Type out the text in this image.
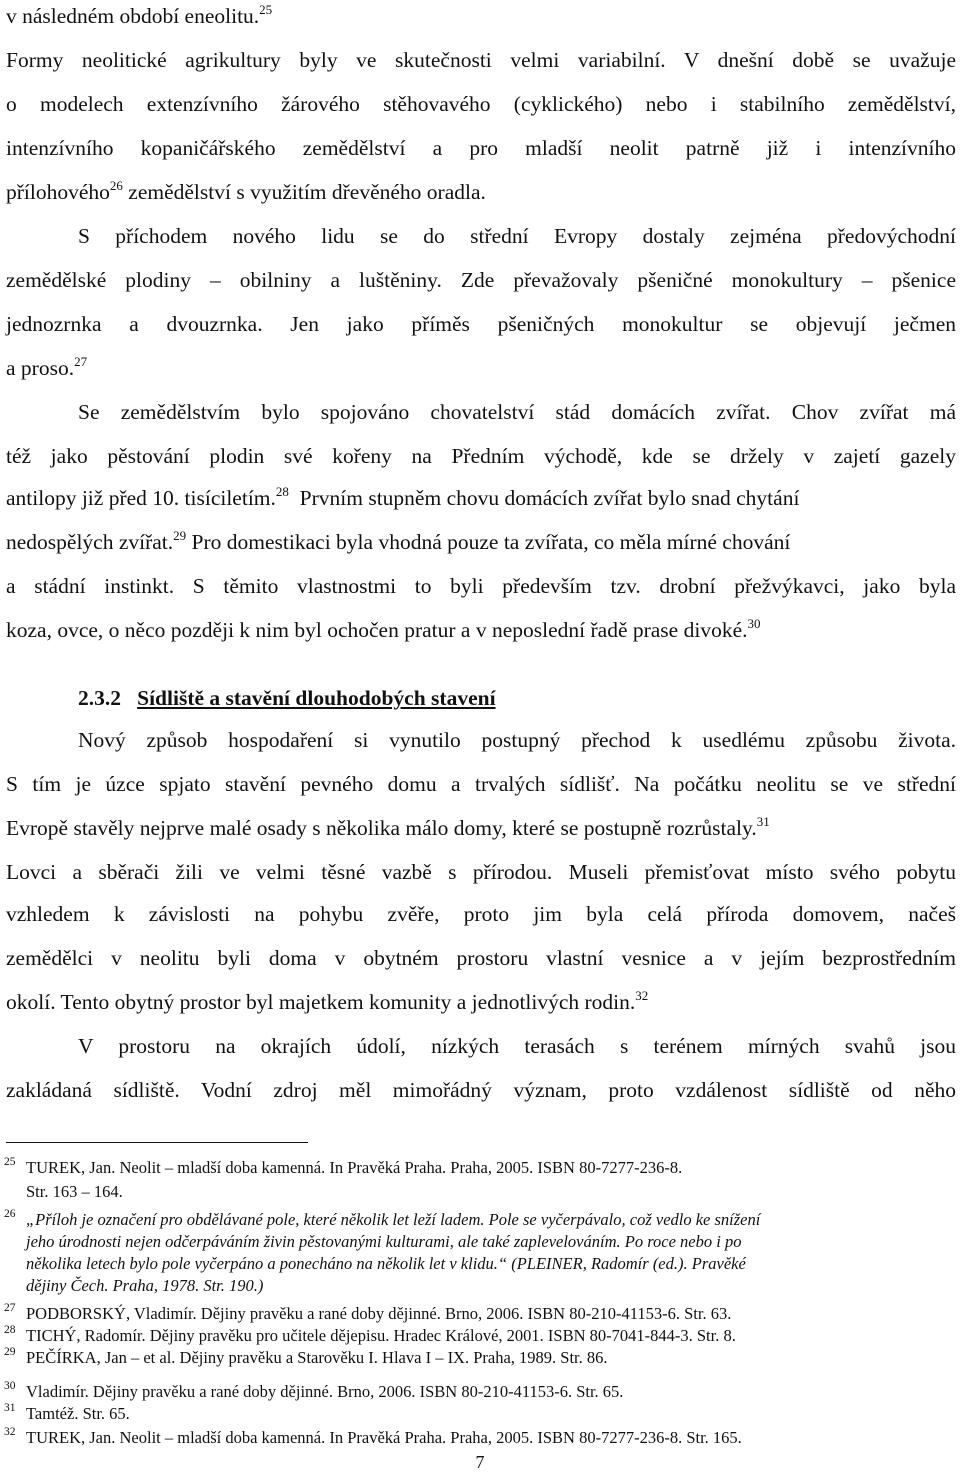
v následném období eneolitu.$^{25}$
Formy neolitické agrikultury byly ve skutečnosti velmi variabilní. V dnešní době se uvažuje
o modelech extenzívního žárového stěhovavého (cyklického) nebo i stabilního zemědělství,
intenzívního kopaničářského zemědělství a pro mladší neolit patrně již i intenzívního
přílohového$^{26}$ zemědělství s využitím dřevěného oradla.
S příchodem nového lidu se do střední Evropy dostaly zejména předovýchodní
zemědělské plodiny – obilniny a luštěniny. Zde převažovaly pšeničné monokultury – pšenice
jednozrnka a dvouzrnka. Jen jako příměs pšeničných monokultur se objevují ječmen
a proso.$^{27}$
Se zemědělstvím bylo spojováno chovatelství stád domácích zvířat. Chov zvířat má
též jako pěstování plodin své kořeny na Předním východě, kde se držely v zajetí gazely
antilopy již před 10. tisíciletím.$^{28}$  Prvním stupněm chovu domácích zvířat bylo snad chytání
nedospělých zvířat.$^{29}$ Pro domestikaci byla vhodná pouze ta zvířata, co měla mírné chování
a stádní instinkt. S těmito vlastnostmi to byli především tzv. drobní přežvýkavci, jako byla
koza, ovce, o něco později k nim byl ochočen pratur a v neposlední řadě prase divoké.$^{30}$
2.3.2 Sídliště a stavění dlouhodobých stavení
Nový způsob hospodaření si vynutilo postupný přechod k usedlému způsobu života.
S tím je úzce spjato stavění pevného domu a trvalých sídlišť. Na počátku neolitu se ve střední
Evropě stavěly nejprve malé osady s několika málo domy, které se postupně rozrůstaly.$^{31}$
Lovci a sběrači žili ve velmi těsné vazbě s přírodou. Museli přemisťovat místo svého pobytu
vzhledem k závislosti na pohybu zvěře, proto jim byla celá příroda domovem, načeš
zemědělci v neolitu byli doma v obytném prostoru vlastní vesnice a v jejím bezprostředním
okolí. Tento obytný prostor byl majetkem komunity a jednotlivých rodin.$^{32}$
V prostoru na okrajích údolí, nízkých terasách s terénem mírných svahů jsou
zakládaná sídliště. Vodní zdroj měl mimořádný význam, proto vzdálenost sídliště od něho
25 TUREK, Jan. Neolit – mladší doba kamenná. In Pravěká Praha. Praha, 2005. ISBN 80-7277-236-8.
Str. 163 – 164.
26 „Příloh je označení pro obdělávané pole, které několik let leží ladem. Pole se vyčerpávalo, což vedlo ke snížení
jeho úrodnosti nejen odčerpáváním živin pěstovanými kulturami, ale také zaplevelováním. Po roce nebo i po
několika letech bylo pole vyčerpáno a ponecháno na několik let v klidu.“ (PLEINER, Radomír (ed.). Pravěké
dějiny Čech. Praha, 1978. Str. 190.)
27 PODBORSKÝ, Vladimír. Dějiny pravěku a rané doby dějinné. Brno, 2006. ISBN 80-210-41153-6. Str. 63.
28 TICHÝ, Radomír. Dějiny pravěku pro učitele dějepisu. Hradec Králové, 2001. ISBN 80-7041-844-3. Str. 8.
29 PEČÍRKA, Jan – et al. Dějiny pravěku a Starověku I. Hlava I – IX. Praha, 1989. Str. 86.
30 Vladimír. Dějiny pravěku a rané doby dějinné. Brno, 2006. ISBN 80-210-41153-6. Str. 65.
31 Tamtéž. Str. 65.
32 TUREK, Jan. Neolit – mladší doba kamenná. In Pravěká Praha. Praha, 2005. ISBN 80-7277-236-8. Str. 165.
7
